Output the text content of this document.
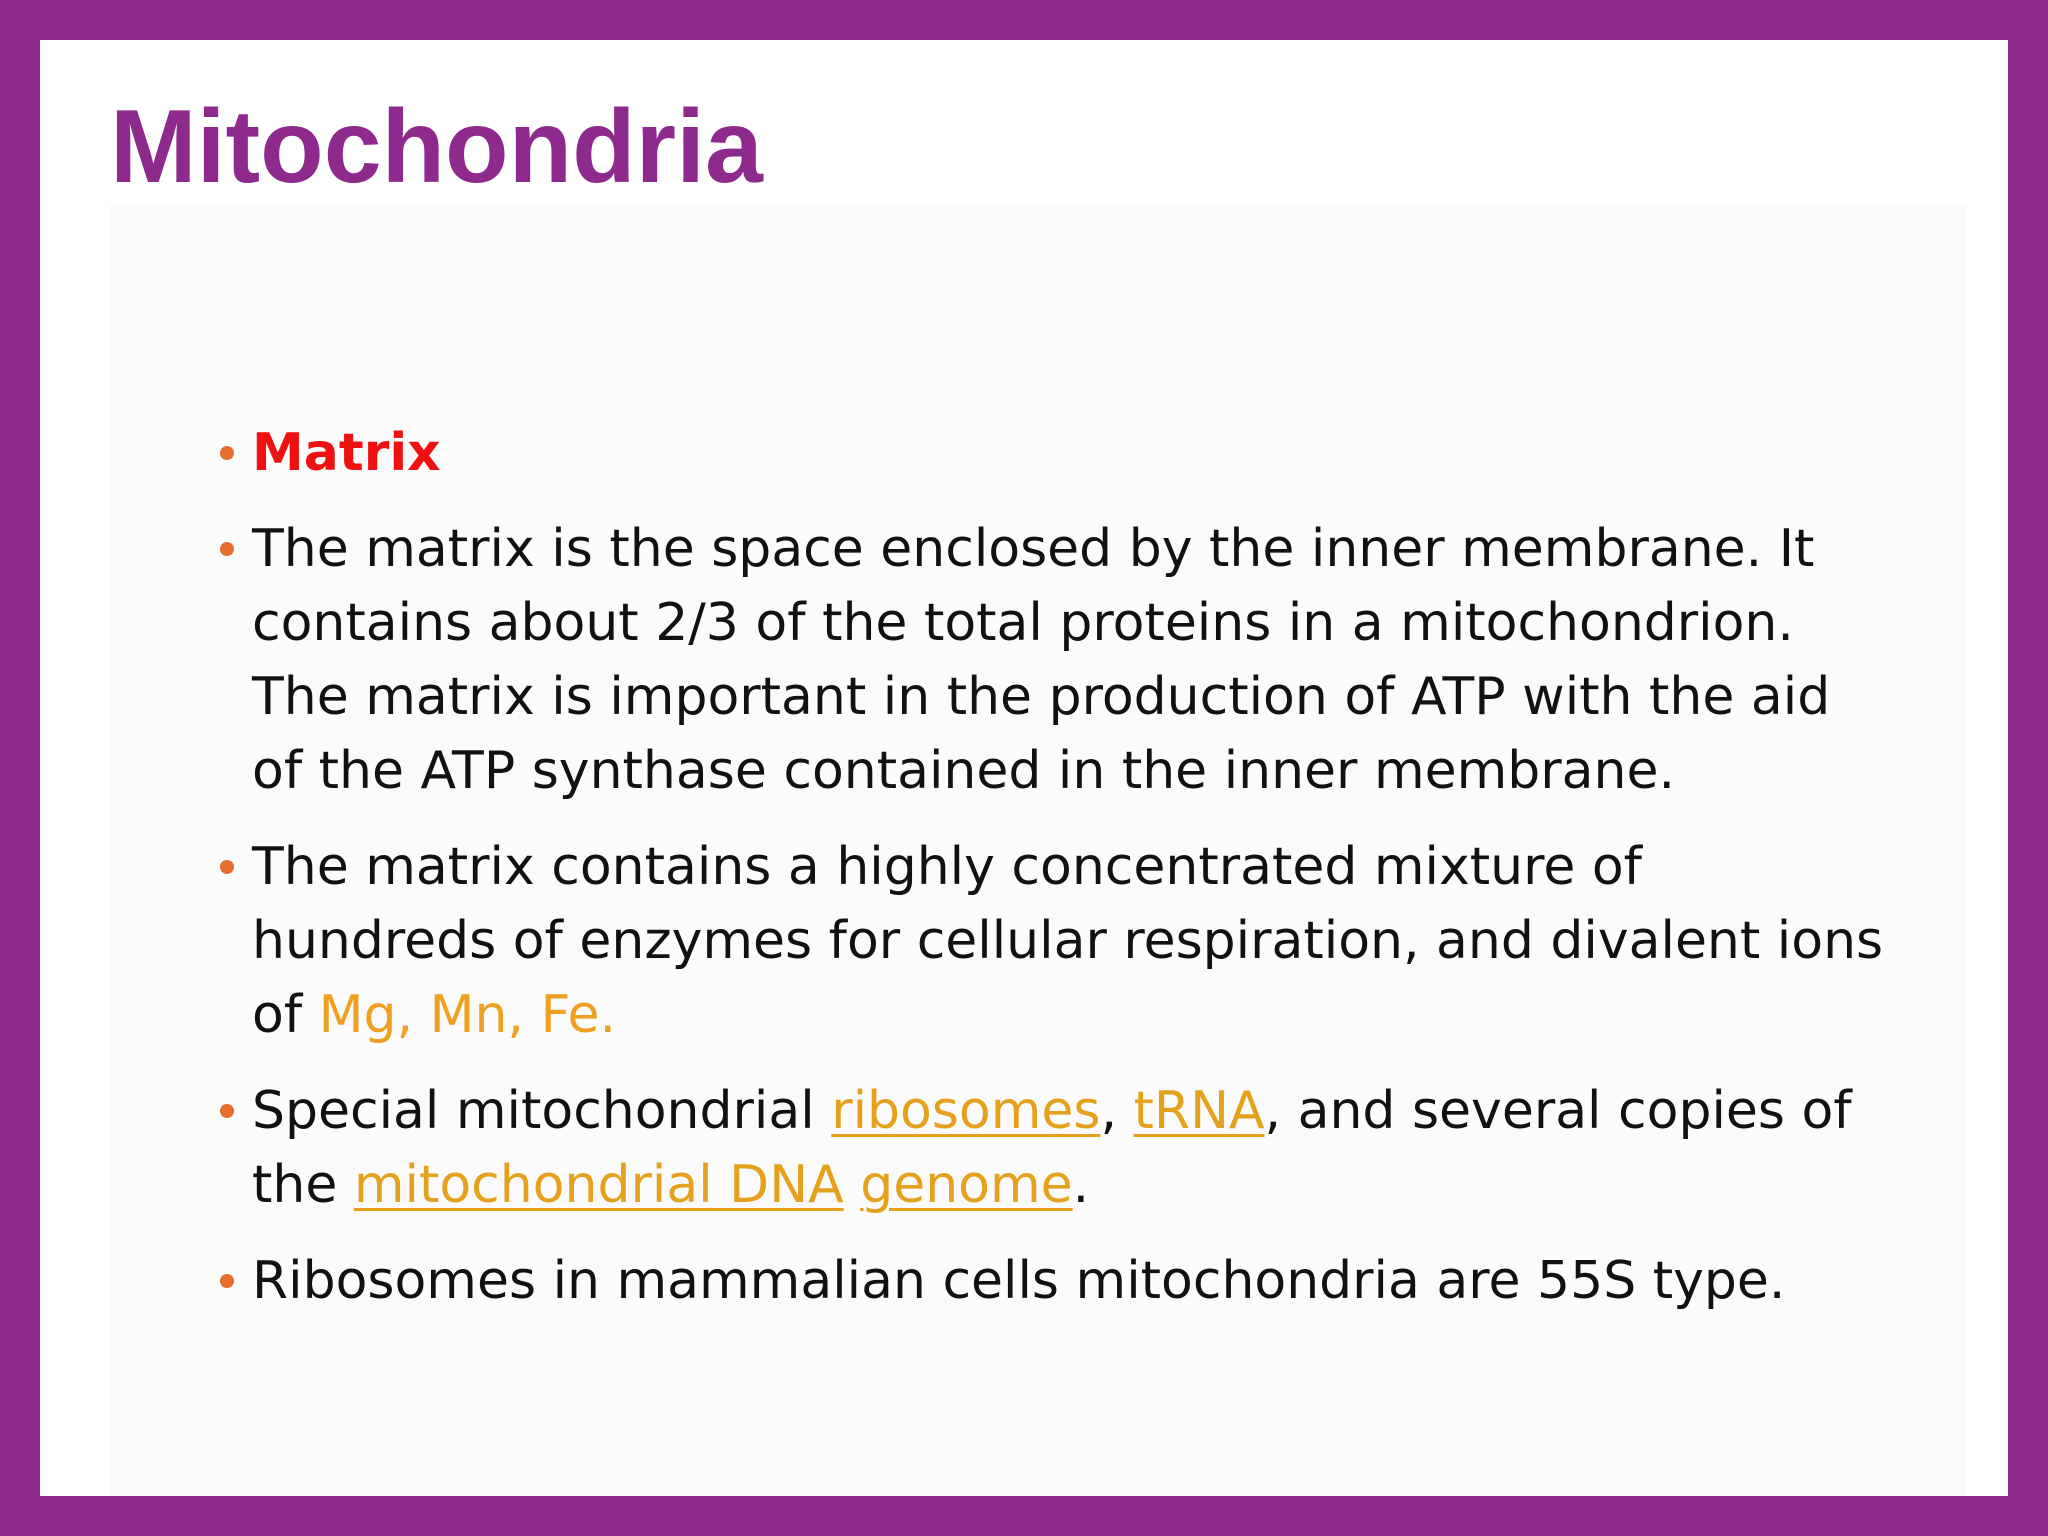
Mitochondria
Matrix
The matrix is the space enclosed by the inner membrane. It contains about 2/3 of the total proteins in a mitochondrion. The matrix is important in the production of ATP with the aid of the ATP synthase contained in the inner membrane.
The matrix contains a highly concentrated mixture of hundreds of enzymes for cellular respiration, and divalent ions of Mg, Mn, Fe.
Special mitochondrial ribosomes, tRNA, and several copies of the mitochondrial DNA genome.
Ribosomes in mammalian cells mitochondria are 55S type.
